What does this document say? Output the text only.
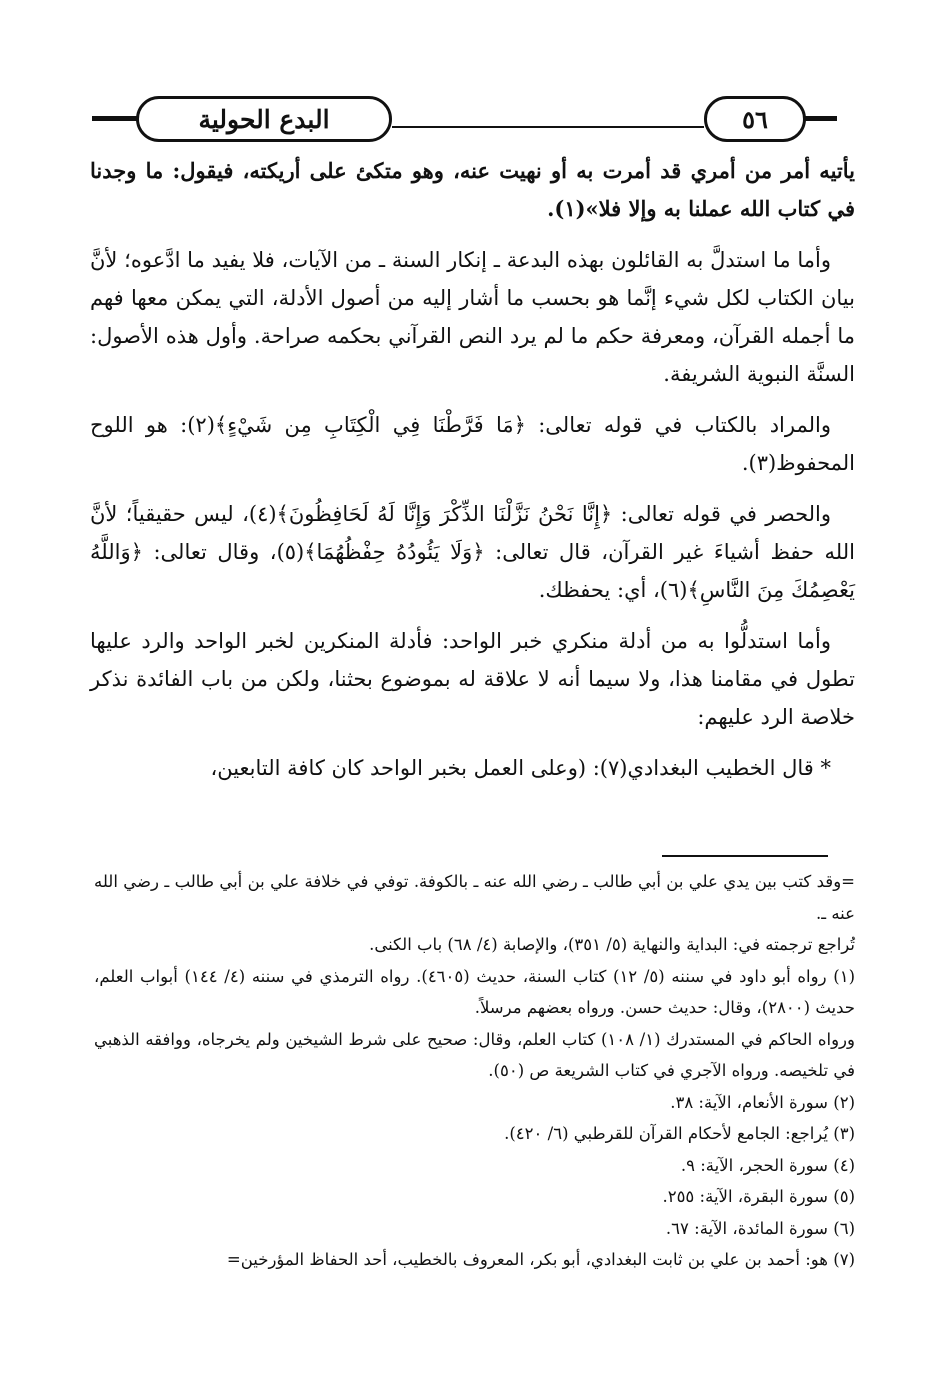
البدع الحولية	٥٦

يأتيه أمر من أمري قد أمرت به أو نهيت عنه، وهو متكئ على أريكته، فيقول: ما وجدنا في كتاب الله عملنا به وإلا فلا»(١).

وأما ما استدلَّ به القائلون بهذه البدعة ـ إنكار السنة ـ من الآيات، فلا يفيد ما ادَّعوه؛ لأنَّ بيان الكتاب لكل شيء إنَّما هو بحسب ما أشار إليه من أصول الأدلة، التي يمكن معها فهم ما أجمله القرآن، ومعرفة حكم ما لم يرد النص القرآني بحكمه صراحة. وأول هذه الأصول: السنَّة النبوية الشريفة.

والمراد بالكتاب في قوله تعالى: ﴿مَا فَرَّطْنَا فِي الْكِتَابِ مِن شَيْءٍ﴾(٢): هو اللوح المحفوظ(٣).

والحصر في قوله تعالى: ﴿إِنَّا نَحْنُ نَزَّلْنَا الذِّكْرَ وَإِنَّا لَهُ لَحَافِظُونَ﴾(٤)، ليس حقيقياً؛ لأنَّ الله حفظ أشياءَ غير القرآن، قال تعالى: ﴿وَلَا يَئُودُهُ حِفْظُهُمَا﴾(٥)، وقال تعالى: ﴿وَاللَّهُ يَعْصِمُكَ مِنَ النَّاسِ﴾(٦)، أي: يحفظك.

وأما استدلُّوا به من أدلة منكري خبر الواحد: فأدلة المنكرين لخبر الواحد والرد عليها تطول في مقامنا هذا، ولا سيما أنه لا علاقة له بموضوع بحثنا، ولكن من باب الفائدة نذكر خلاصة الرد عليهم:

* قال الخطيب البغدادي(٧): (وعلى العمل بخبر الواحد كان كافة التابعين،

=وقد كتب بين يدي علي بن أبي طالب ـ رضي الله عنه ـ بالكوفة. توفي في خلافة علي بن أبي طالب ـ رضي الله عنه ـ.

تُراجع ترجمته في: البداية والنهاية (٥/ ٣٥١)، والإصابة (٤/ ٦٨) باب الكنى.

(١) رواه أبو داود في سننه (٥/ ١٢) كتاب السنة، حديث (٤٦٠٥). رواه الترمذي في سننه (٤/ ١٤٤) أبواب العلم، حديث (٢٨٠٠)، وقال: حديث حسن. ورواه بعضهم مرسلاً.

ورواه الحاكم في المستدرك (١/ ١٠٨) كتاب العلم، وقال: صحيح على شرط الشيخين ولم يخرجاه، ووافقه الذهبي في تلخيصه. ورواه الآجري في كتاب الشريعة ص (٥٠).

(٢) سورة الأنعام، الآية: ٣٨.

(٣) يُراجع: الجامع لأحكام القرآن للقرطبي (٦/ ٤٢٠).

(٤) سورة الحجر، الآية: ٩.

(٥) سورة البقرة، الآية: ٢٥٥.

(٦) سورة المائدة، الآية: ٦٧.

(٧) هو: أحمد بن علي بن ثابت البغدادي، أبو بكر، المعروف بالخطيب، أحد الحفاظ المؤرخين=
